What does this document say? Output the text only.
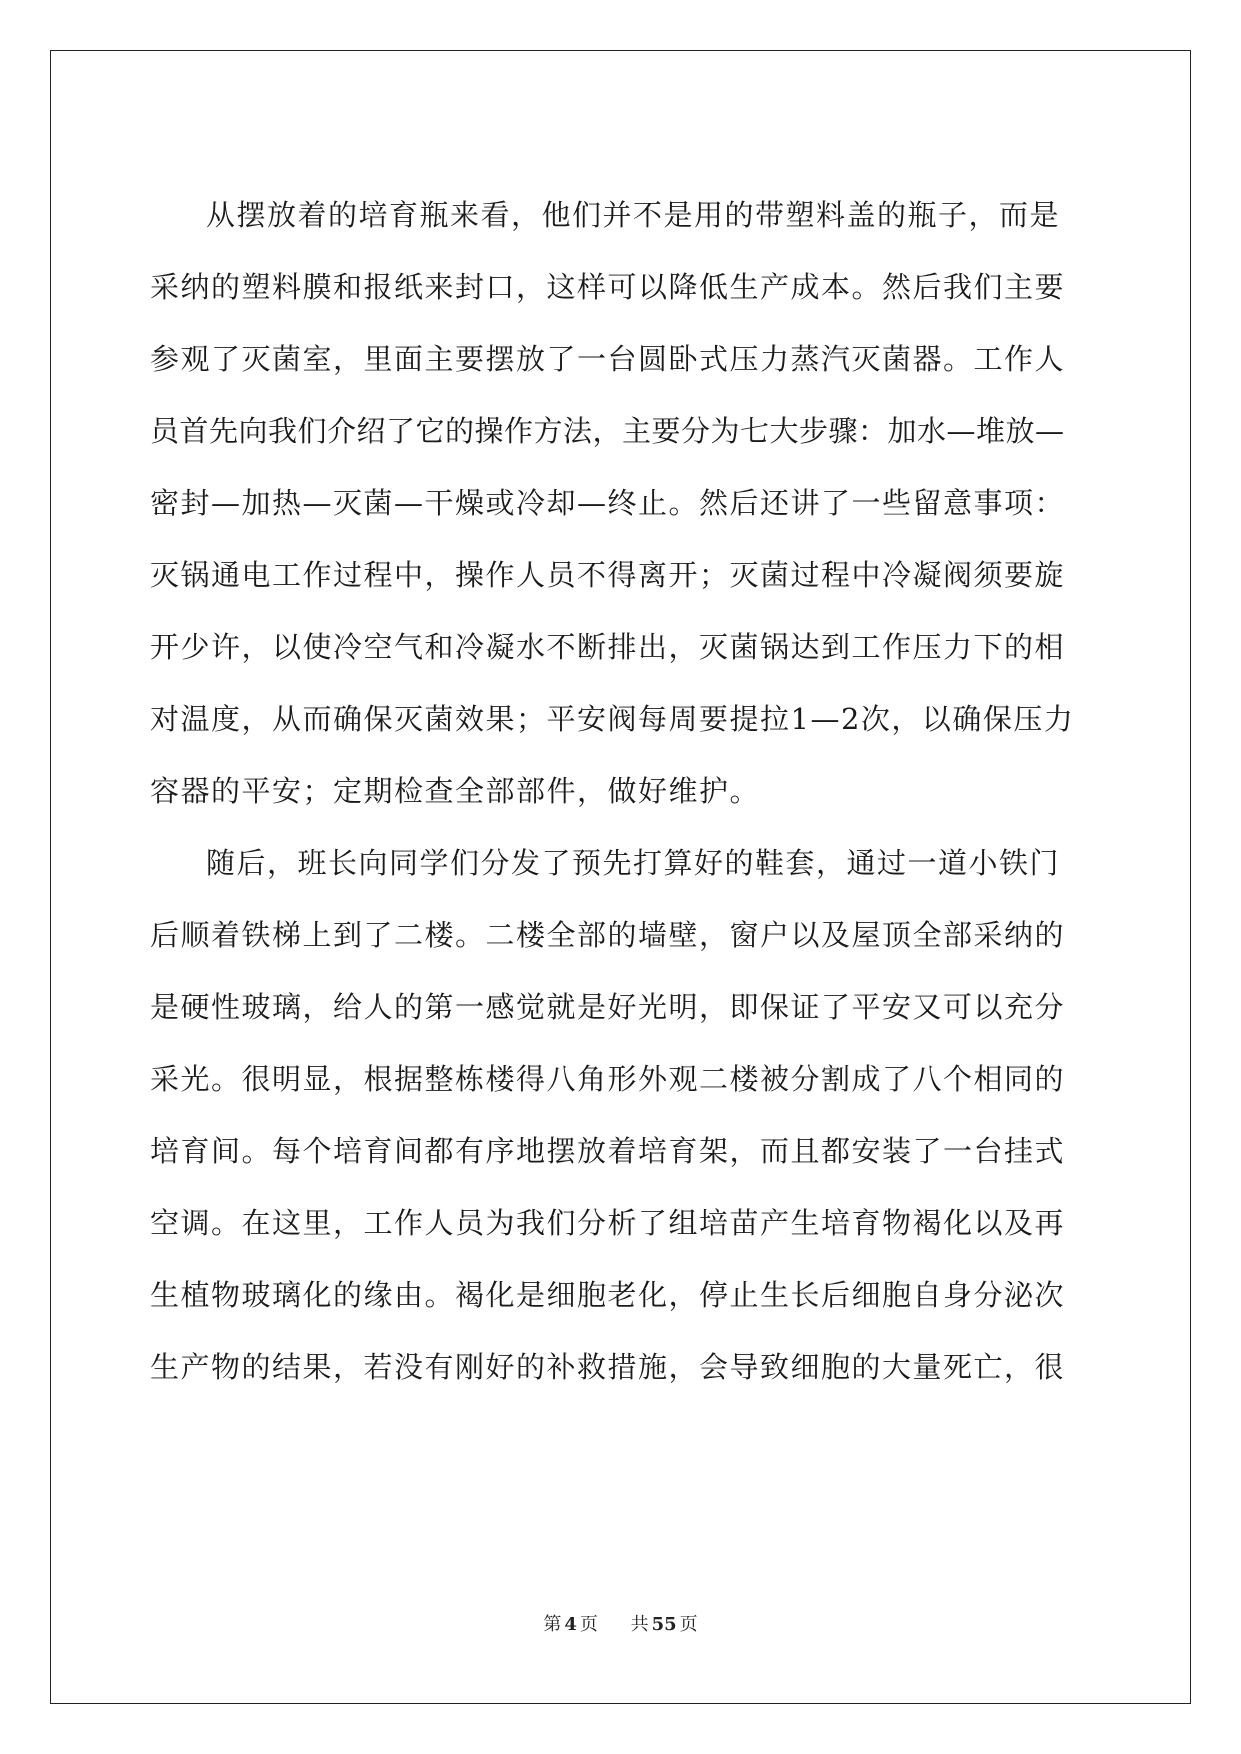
从摆放着的培育瓶来看，他们并不是用的带塑料盖的瓶子，而是
采纳的塑料膜和报纸来封口，这样可以降低生产成本。然后我们主要
参观了灭菌室，里面主要摆放了一台圆卧式压力蒸汽灭菌器。工作人
员首先向我们介绍了它的操作方法，主要分为七大步骤：加水—堆放—
密封—加热—灭菌—干燥或冷却—终止。然后还讲了一些留意事项：
灭锅通电工作过程中，操作人员不得离开；灭菌过程中冷凝阀须要旋
开少许，以使冷空气和冷凝水不断排出，灭菌锅达到工作压力下的相
对温度，从而确保灭菌效果；平安阀每周要提拉1—2次，以确保压力
容器的平安；定期检查全部部件，做好维护。
随后，班长向同学们分发了预先打算好的鞋套，通过一道小铁门
后顺着铁梯上到了二楼。二楼全部的墙壁，窗户以及屋顶全部采纳的
是硬性玻璃，给人的第一感觉就是好光明，即保证了平安又可以充分
采光。很明显，根据整栋楼得八角形外观二楼被分割成了八个相同的
培育间。每个培育间都有序地摆放着培育架，而且都安装了一台挂式
空调。在这里，工作人员为我们分析了组培苗产生培育物褐化以及再
生植物玻璃化的缘由。褐化是细胞老化，停止生长后细胞自身分泌次
生产物的结果，若没有刚好的补救措施，会导致细胞的大量死亡，很
第 4 页 共 55 页
